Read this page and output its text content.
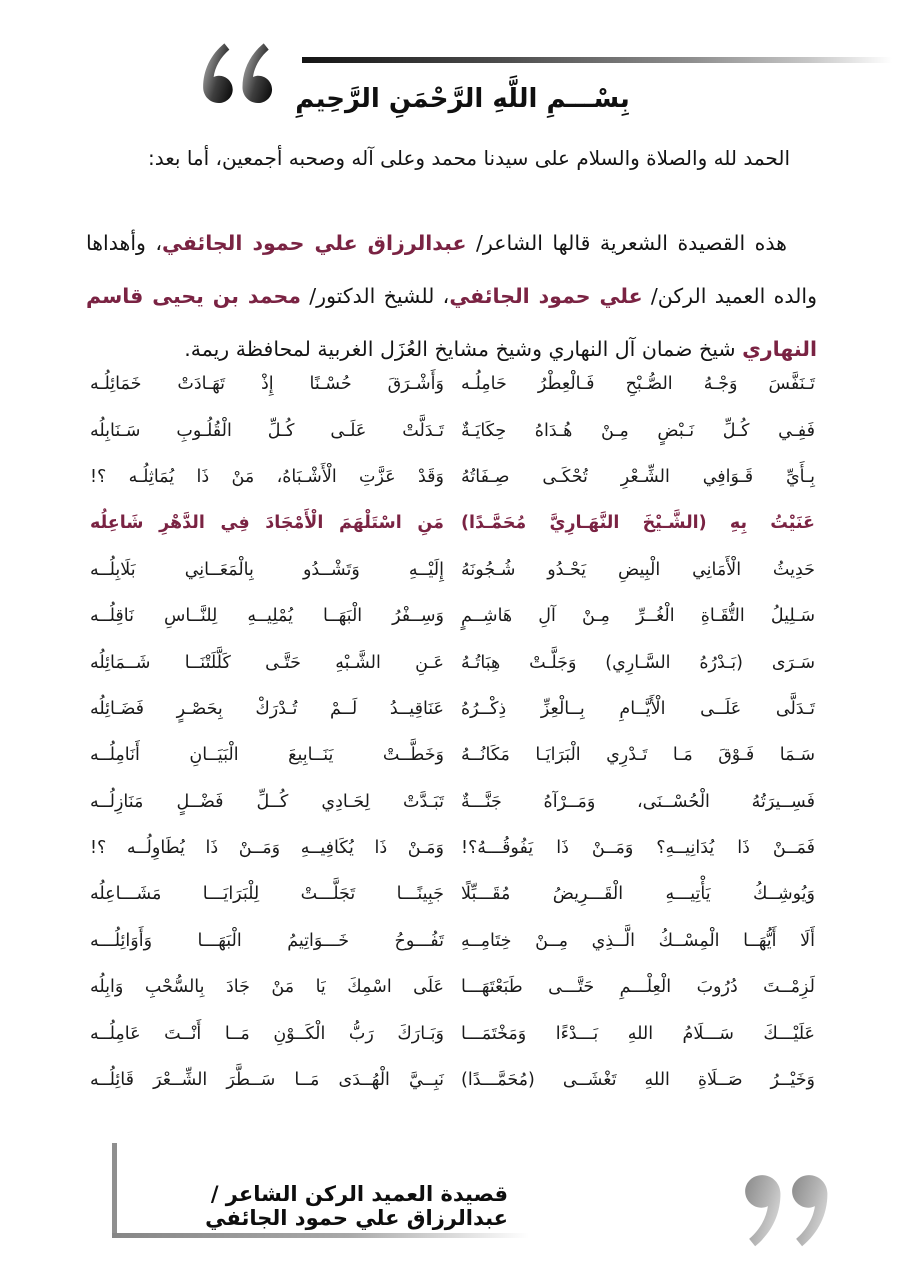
بِسْـــمِ اللَّهِ الرَّحْمَنِ الرَّحِيمِ
الحمد لله والصلاة والسلام على سيدنا محمد وعلى آله وصحبه أجمعين، أما بعد:

هذه القصيدة الشعرية قالها الشاعر/ عبدالرزاق علي حمود الجائفي، وأهداها والده العميد الركن/ علي حمود الجائفي، للشيخ الدكتور/ محمد بن يحيى قاسم النهاري شيخ ضمان آل النهاري وشيخ مشايخ العُزَل الغربية لمحافظة ريمة.

تَـنَفَّسَ وَجْـهُ الصُّـبْحِ فَـالْعِطْرُ حَامِلُـه
وَأَشْـرَقَ حُسْـنًا إِذْ تَهَـادَتْ خَمَائِلُـه
فَفِـي كُـلِّ نَـبْضٍ مِـنْ هُـدَاهُ حِكَايَـةٌ
تَـدَلَّتْ عَلَـى كُـلِّ الْقُلُـوبِ سَـنَابِلُه
بِـأَيِّ قَـوَافِي الشِّـعْرِ تُحْكَـى صِـفَاتُهُ
وَقَدْ عَزَّتِ الْأَشْـبَاهُ، مَنْ ذَا يُمَاثِلُـه ؟!
عَنَيْتُ بِهِ (الشَّـيْخَ النَّهَـارِيَّ مُحَمَّـدًا)
مَنِ اسْتَلْهَمَ الْأَمْجَادَ فِي الدَّهْرِ شَاعِلُه
حَدِيثُ الْأَمَانِي الْبِيضِ يَحْـدُو شُـجُونَهُ
إِلَيْــهِ وَتَشْــدُو بِالْمَعَــانِي بَلَابِلُــه
سَـلِيلُ التُّقَـاةِ الْغُــرِّ مِـنْ آلِ هَاشِــمٍ
وَسِــفْرُ الْبَهَــا يُمْلِيــهِ لِلنَّــاسِ نَاقِلُــه
سَـرَى (بَـدْرُهُ السَّـارِي) وَجَلَّـتْ هِبَاتُـهُ
عَـنِ الشَّـبْهِ حَتَّـى كَلَّلَتْنَــا شَــمَائِلُه
تَـدَلَّى عَلَــى الْأَيَّــامِ بِــالْعِزِّ ذِكْــرُهُ
عَنَاقِيــدُ لَــمْ تُـدْرَكْ بِحَصْـرٍ فَضَـائِلُه
سَـمَا فَـوْقَ مَـا تَـدْرِي الْبَرَايَـا مَكَانُــهُ
وَخَطَّــتْ يَنَــابِيعَ الْبَيَــانِ أَنَامِلُــه
فَسِــيرَتُهُ الْحُسْــنَى، وَمَــرْآهُ جَنَّـــةٌ
تَبَـدَّتْ لِحَـادِي كُــلِّ فَضْــلٍ مَنَازِلُــه
فَمَــنْ ذَا يُدَانِيــهِ؟ وَمَــنْ ذَا يَفُوقُـــهُ؟!
وَمَـنْ ذَا يُكَافِيــهِ وَمَــنْ ذَا يُطَاوِلُــه ؟!
وَيُوشِــكُ يَأْتِيـــهِ الْقَـــرِيضُ مُقَـــبِّلًا
جَبِينًـــا تَجَلَّـــتْ لِلْبَرَايَـــا مَشَـــاعِلُه
أَلَا أَيُّهَــا الْمِسْــكُ الَّــذِي مِــنْ خِتَامِــهِ
تَفُـــوحُ خَـــوَاتِيمُ الْبَهَـــا وَأَوَائِلُـــه
لَزِمْــتَ دُرُوبَ الْعِلْـــمِ حَتَّـــى طَبَعْتَهَـــا
عَلَى اسْمِكَ يَا مَنْ جَادَ بِالسُّحْبِ وَابِلُه
عَلَيْـــكَ سَـــلَامُ اللهِ بَـــدْءًا وَمَخْتَمَـــا
وَبَـارَكَ رَبُّ الْكَــوْنِ مَــا أَنْــتَ عَامِلُــه
وَخَيْــرُ صَــلَاةِ اللهِ تَغْشَــى (مُحَمَّـــدًا)
نَبِــيَّ الْهُــدَى مَــا سَــطَّرَ الشِّــعْرَ قَائِلُــه
قصيدة العميد الركن الشاعر / عبدالرزاق علي حمود الجائفي
